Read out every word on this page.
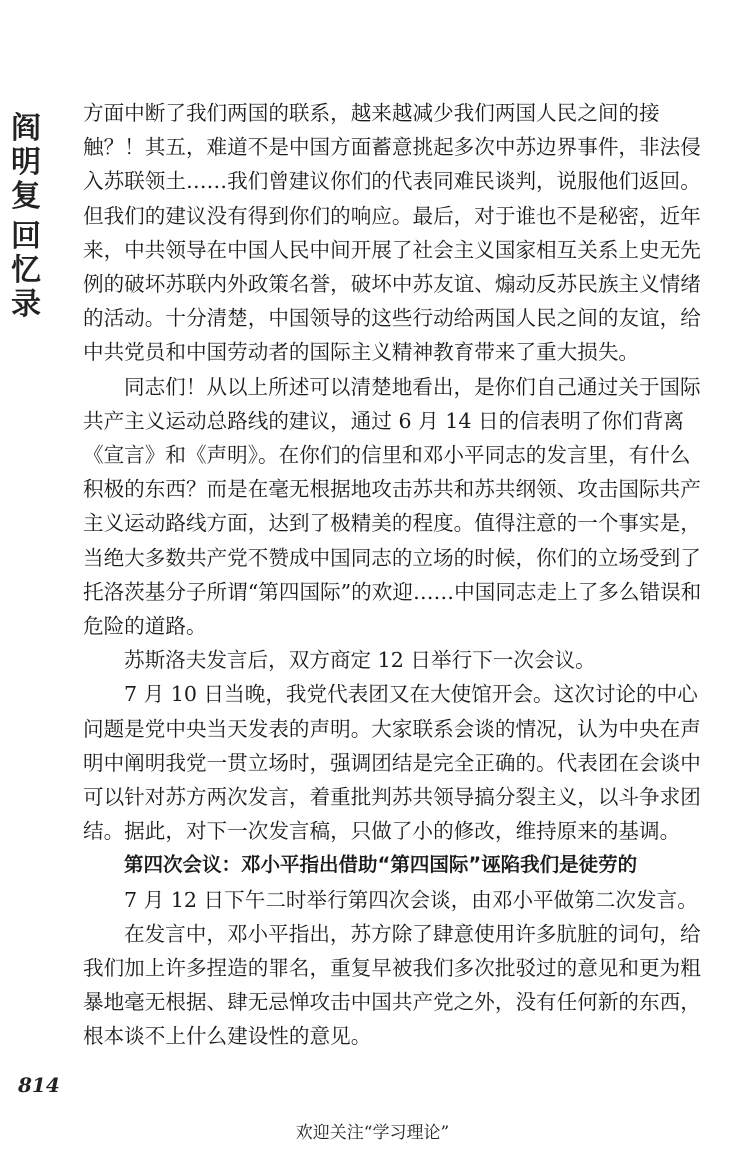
阎
明
复
回
忆
录

方面中断了我们两国的联系，越来越减少我们两国人民之间的接触？！其五，难道不是中国方面蓄意挑起多次中苏边界事件，非法侵入苏联领土……我们曾建议你们的代表同难民谈判，说服他们返回。但我们的建议没有得到你们的响应。最后，对于谁也不是秘密，近年来，中共领导在中国人民中间开展了社会主义国家相互关系上史无先例的破坏苏联内外政策名誉，破坏中苏友谊、煽动反苏民族主义情绪的活动。十分清楚，中国领导的这些行动给两国人民之间的友谊，给中共党员和中国劳动者的国际主义精神教育带来了重大损失。

同志们！从以上所述可以清楚地看出，是你们自己通过关于国际共产主义运动总路线的建议，通过 6 月 14 日的信表明了你们背离《宣言》和《声明》。在你们的信里和邓小平同志的发言里，有什么积极的东西？而是在毫无根据地攻击苏共和苏共纲领、攻击国际共产主义运动路线方面，达到了极精美的程度。值得注意的一个事实是，当绝大多数共产党不赞成中国同志的立场的时候，你们的立场受到了托洛茨基分子所谓“第四国际”的欢迎……中国同志走上了多么错误和危险的道路。

苏斯洛夫发言后，双方商定 12 日举行下一次会议。

7 月 10 日当晚，我党代表团又在大使馆开会。这次讨论的中心问题是党中央当天发表的声明。大家联系会谈的情况，认为中央在声明中阐明我党一贯立场时，强调团结是完全正确的。代表团在会谈中可以针对苏方两次发言，着重批判苏共领导搞分裂主义，以斗争求团结。据此，对下一次发言稿，只做了小的修改，维持原来的基调。

第四次会议：邓小平指出借助“第四国际”诬陷我们是徒劳的

7 月 12 日下午二时举行第四次会谈，由邓小平做第二次发言。

在发言中，邓小平指出，苏方除了肆意使用许多肮脏的词句，给我们加上许多捏造的罪名，重复早被我们多次批驳过的意见和更为粗暴地毫无根据、肆无忌惮攻击中国共产党之外，没有任何新的东西，根本谈不上什么建设性的意见。

814
欢迎关注“学习理论”
